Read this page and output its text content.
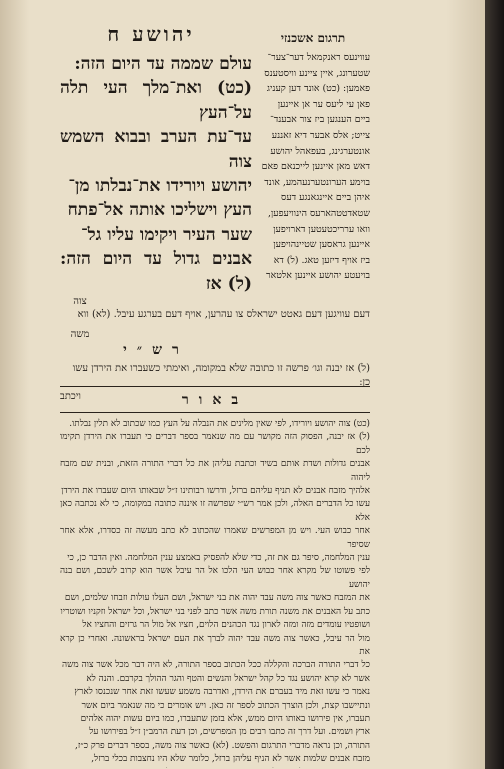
יהושע ח	תרגום אשכנזי
עולם שממה עד היום הזה:
(כט) ואת־מלך העי תלה על־העץ
עד־עת הערב ובבוא השמש צוה
יהושע ויורידו את־נבלתו מן־
העץ וישליכו אותה אל־פתח
שער העיר ויקימו עליו גל־
אבנים גדול עד היום הזה: (ל) אז
צוה
עווינעס ראנקמאל דער־צער־
שטערונג, איין ציינע וויסטענס
פאמען: (כט) אונד דען קעניג
פאן עי ליעס ער אן איינען
ביים הענגען ביז צור אבענד־
צייט; אלס אבער דיא זאננע
אונטערגינג, בעפאהל יהושע
דאש מאן איינען לייכנאם פאם
בוימע הערונטערנעהמע, אונד
איהן ביים איינגאנגע דעס
שטאדטטהארעס הינוויעפען,
וואו ערריכטעטען דארויפען
איינען גראסען שטיינהויפען
ביז אויף דיזען טאג. (ל) דא
בויעטע יהושע איינען אלטאר
דעם עוויגען דעם גאטט ישראלס צו עהרען, אויף דעם בערגע עיבל. (לא) ווא
משה
רש״י
(ל) אז יבנה וגו׳ פרשה זו כתובה שלא במקומה, ואימתי כשעברו את הירדן עשו כן:
ויכתב	באור
(כט) צוה יהושע ויורידו, לפי שאין מלינים את הנבלה על העץ כמו שכתוב לא תלין נבלתו.
(ל) אז יבנה, הפסוק הזה מקושר עם מה שנאמר בספר דברים כי תעברו את הירדן תקימו לכם
אבנים גדולות ושדת אותם בשיד וכתבת עליהן את כל דברי התורה הזאת, ובנית שם מזבח ליהוה
אלהיך מזבח אבנים לא תניף עליהם ברזל, ודרשו רבותינו ז״ל שבאותו היום שעברו את הירדן
עשו כל הדברים האלה, ולכן אמר רש״י שפרשה זו איננה כתובה במקומה, כי לא נכתבה כאן אלא
אחר כבוש העי. ויש מן המפרשים שאמרו שהכתוב לא כתב מעשה זה כסדרו, אלא אחר שסיפר
ענין המלחמה, סיפר גם את זה, כדי שלא להפסיק באמצע ענין המלחמה. ואין הדבר כן, כי
לפי פשוטו של מקרא אחר כבוש העי הלכו אל הר עיבל אשר הוא קרוב לשכם, ושם בנה יהושע
את המזבח כאשר צוה משה עבד יהוה את בני ישראל, ושם העלו עולות וזבחו שלמים, ושם
כתב על האבנים את משנה תורת משה אשר כתב לפני בני ישראל, וכל ישראל וזקניו ושוטריו
ושופטיו עומדים מזה ומזה לארון נגד הכהנים הלוים, חציו אל מול הר גרזים והחציו אל
מול הר עיבל, כאשר צוה משה עבד יהוה לברך את העם ישראל בראשונה. ואחרי כן קרא את
כל דברי התורה הברכה והקללה ככל הכתוב בספר התורה, לא היה דבר מכל אשר צוה משה
אשר לא קרא יהושע נגד כל קהל ישראל והנשים והטף והגר ההולך בקרבם. והנה לא
נאמר כי עשו זאת מיד בעברם את הירדן, ואדרבה משמע שעשו זאת אחר שנכנסו לארץ
ונתיישבו קצת, ולכן הוצרך הכתוב לספר זה כאן. ויש אומרים כי מה שנאמר ביום אשר
תעברו, אין פירושו באותו היום ממש, אלא בזמן שתעברו, כמו ביום עשות יהוה אלהים
ארץ ושמים. ועל דרך זה כתבו רבים מן המפרשים, וכן דעת הרמב״ן ז״ל בפירושו על
התורה, וכן נראה מדברי התרגום והפשט. (לא) כאשר צוה משה, בספר דברים פרק כ״ז,
מזבח אבנים שלמות אשר לא הניף עליהן ברזל, כלומר שלא היו נחצבות בכלי ברזל,
